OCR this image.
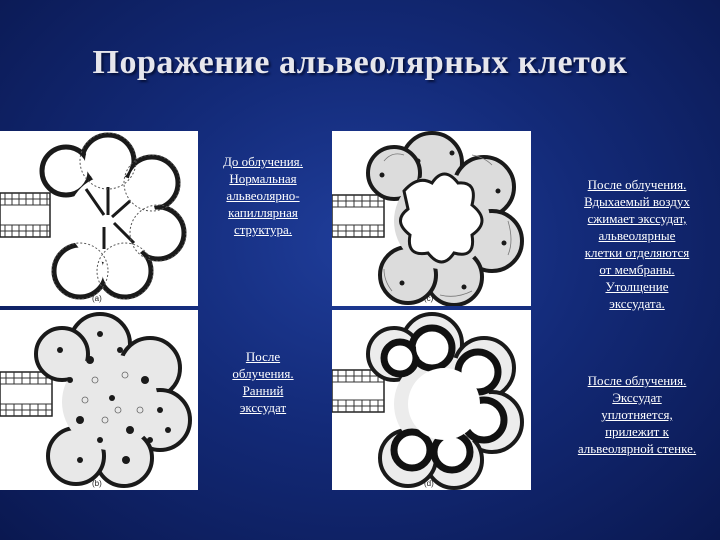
Поражение альвеолярных клеток
(a)
(b)
(c)
(d)
До облучения.
Нормальная
альвеолярно-
капиллярная
структура.
После
облучения.
Ранний
экссудат
После облучения.
Вдыхаемый воздух
сжимает экссудат,
альвеолярные
клетки отделяются
от мембраны.
Утолщение
экссудата.
После облучения.
Экссудат
уплотняется,
прилежит к
альвеолярной стенке.
